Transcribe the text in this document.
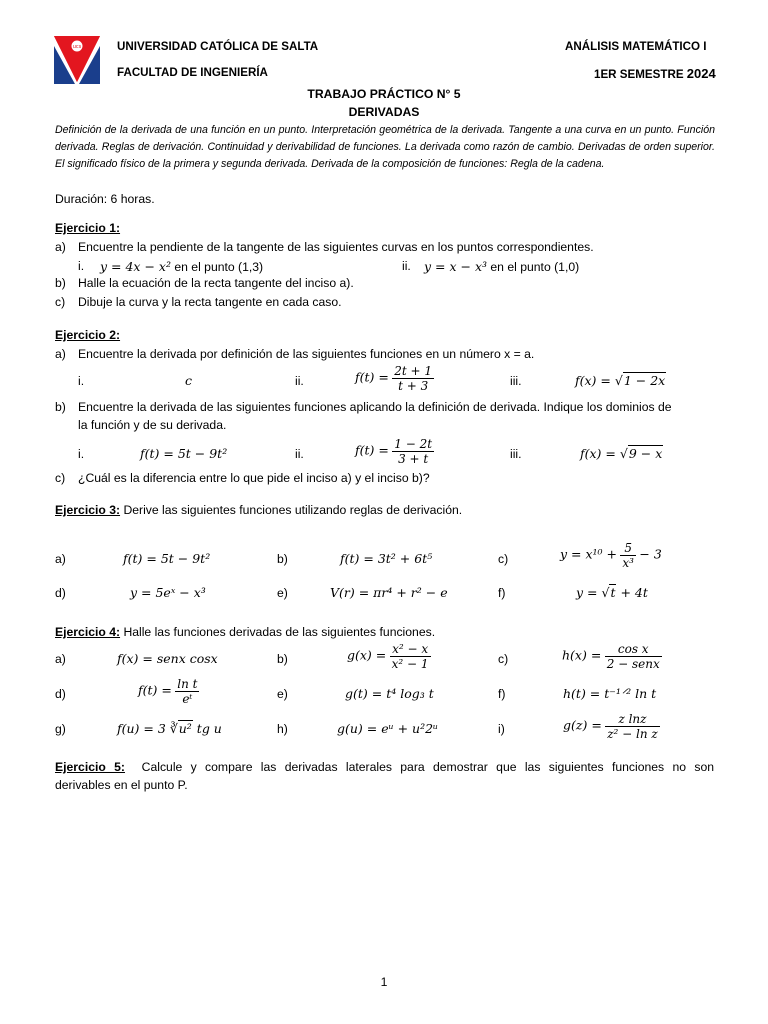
ucs	UNIVERSIDAD CATÓLICA DE SALTA
FACULTAD DE INGENIERÍA
ANÁLISIS MATEMÁTICO I
1ER SEMESTRE 2024
TRABAJO PRÁCTICO N° 5
DERIVADAS
Definición de la derivada de una función en un punto. Interpretación geométrica de la derivada. Tangente a una curva en un punto. Función derivada. Reglas de derivación. Continuidad y derivabilidad de funciones. La derivada como razón de cambio. Derivadas de orden superior. El significado físico de la primera y segunda derivada. Derivada de la composición de funciones: Regla de la cadena.
Duración: 6 horas.
Ejercicio 1:
a) Encuentre la pendiente de la tangente de las siguientes curvas en los puntos correspondientes.
i. y = 4x − x² en el punto (1,3)	ii. y = x − x³ en el punto (1,0)
b) Halle la ecuación de la recta tangente del inciso a).
c) Dibuje la curva y la recta tangente en cada caso.
Ejercicio 2:
a) Encuentre la derivada por definición de las siguientes funciones en un número x = a.
i.	c	ii.	$f(t) = \frac{2t + 1}{t + 3}$	iii.	f(x) = √1 − 2x
b) Encuentre la derivada de las siguientes funciones aplicando la definición de derivada. Indique los dominios de
la función y de su derivada.
i.	f(t) = 5t − 9t²	ii.	$f(t) = \frac{1 - 2t}{3 + t}$	iii.	f(x) = √9 − x
c) ¿Cuál es la diferencia entre lo que pide el inciso a) y el inciso b)?
Ejercicio 3: Derive las siguientes funciones utilizando reglas de derivación.
a)	f(t) = 5t − 9t²	b)	f(t) = 3t² + 6t⁵	c)	$y = x^{10} + \frac{5}{\text{x³}} - 3$
d)	y = 5eˣ − x³	e)	V(r) = πr⁴ + r² − e	f)	y = √t + 4t
Ejercicio 4: Halle las funciones derivadas de las siguientes funciones.
a)	f(x) = senx cosx	b)	$g(x) = \frac{\text{x² − x}}{\text{x² − 1}}$	c)	$h(x) = \frac{\text{cos x}}{\text{2 − senx}}$
d)	$f(t) = \frac{\text{ln t}}{\text{eᵗ}}$	e)	g(t) = t⁴ log₃ t	f)	h(t) = t⁻¹ᐟ² ln t
g)	f(u) = 3 ∛u² tg u	h)	g(u) = eᵘ + u²2ᵘ	i)	$g(z) = \frac{\text{z lnz}}{\text{z² − ln z}}$
Ejercicio 5: Calcule y compare las derivadas laterales para demostrar que las siguientes funciones no son
derivables en el punto P.
1
